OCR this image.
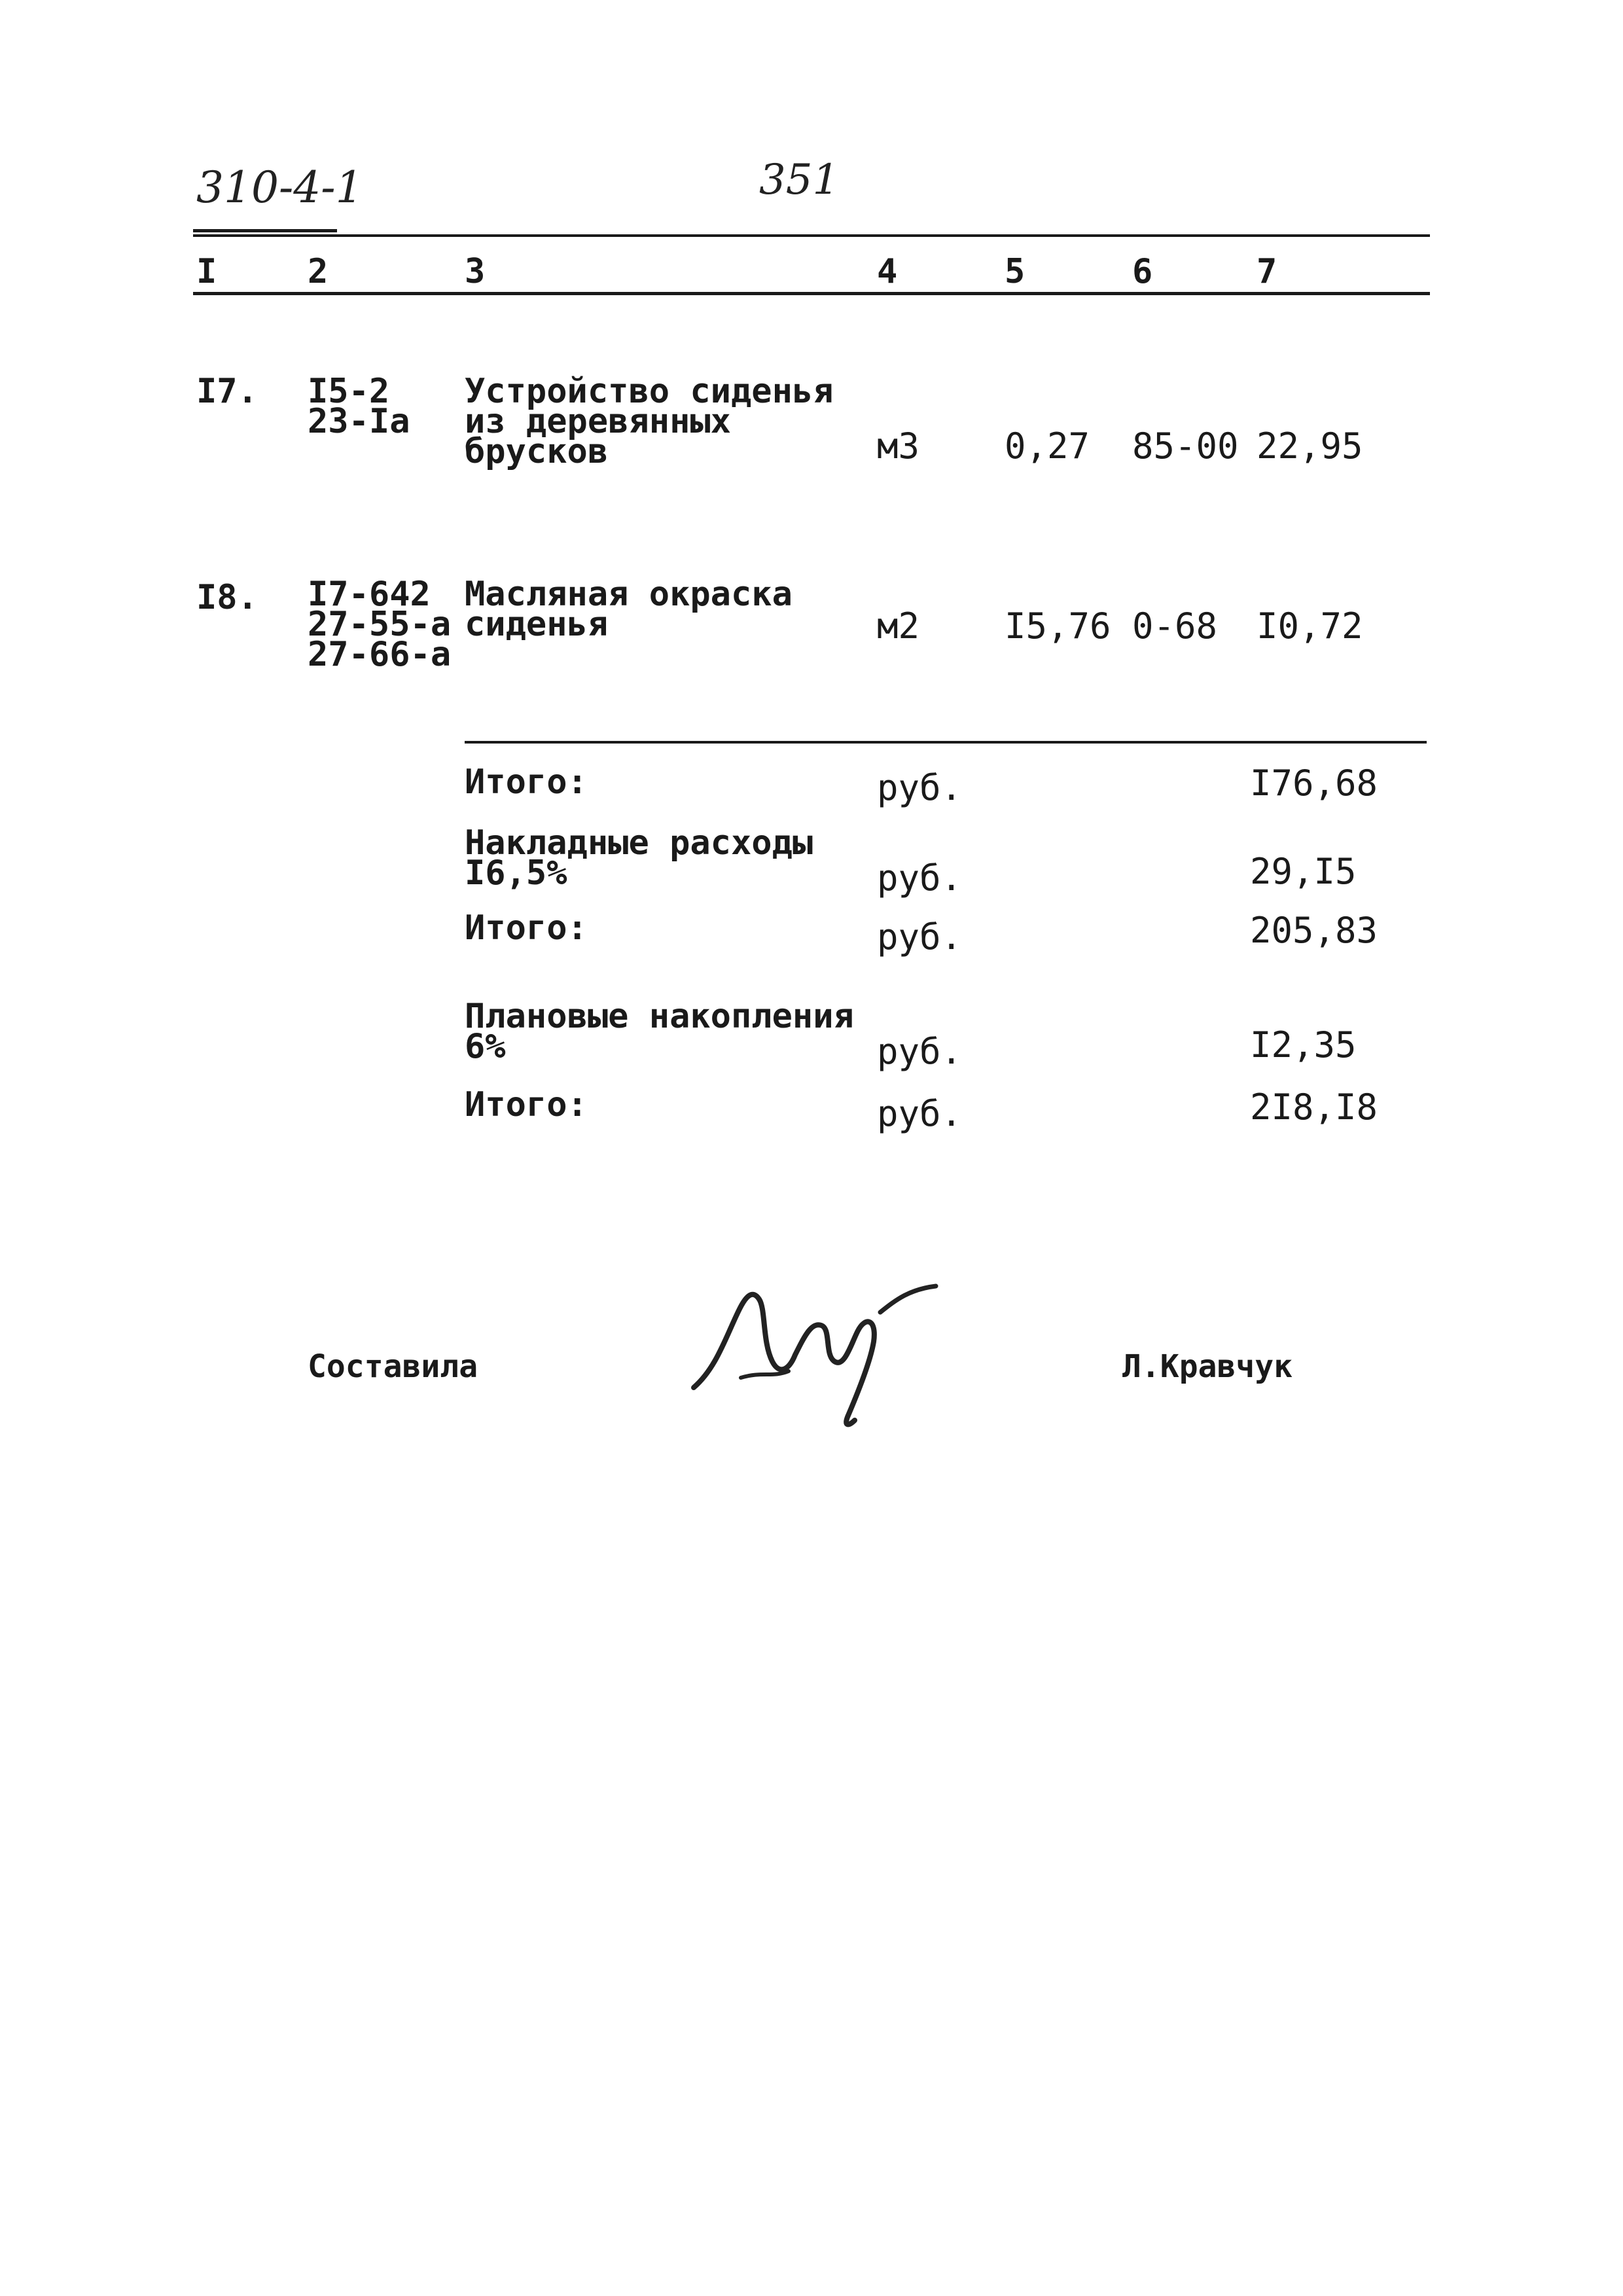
310-4-1	351
I	2	3	4	5	6	7
I7. I5-2
23-Ia
Устройство сиденья
из деревянных
брусков	м3 0,27 85-00 22,95
I8. I7-642
27-55-а
27-66-а
Масляная окраска
сиденья	м2 I5,76 0-68 I0,72
Итого:	руб.	I76,68
Накладные расходы
I6,5%	руб.	29,I5
Итого:	руб.	205,83
Плановые накопления
6%	руб.	I2,35
Итого:	руб.	2I8,I8
Составила	Л.Кравчук
